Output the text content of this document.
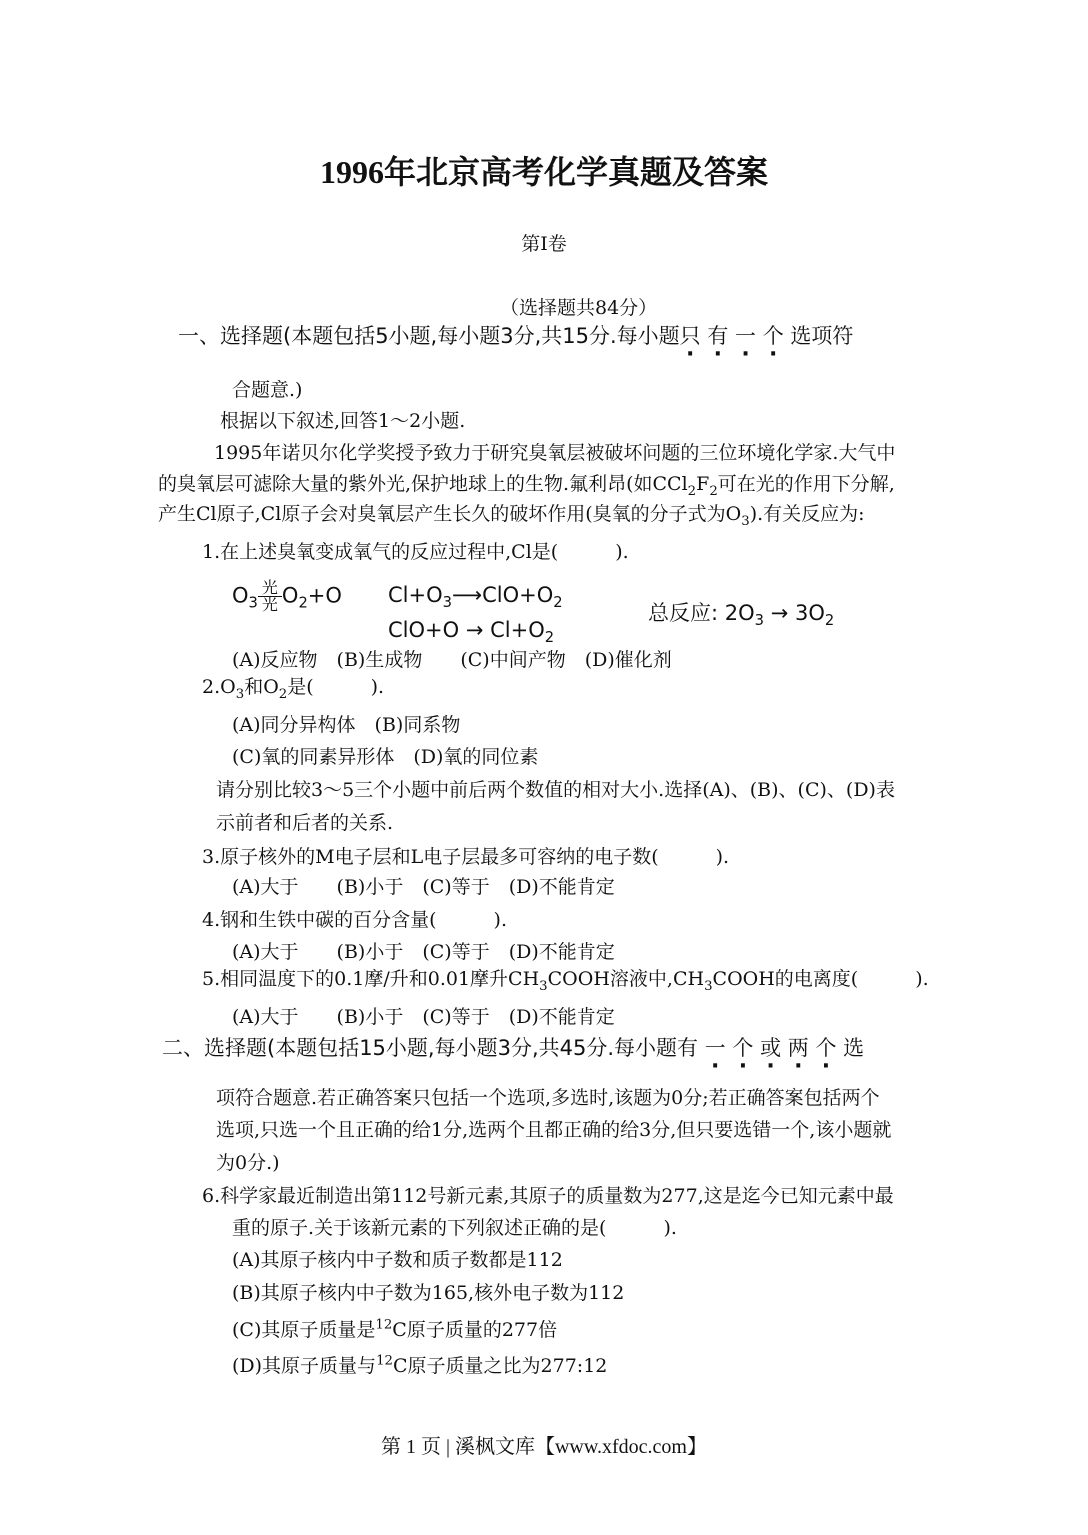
1996年北京高考化学真题及答案
第I卷
（选择题共84分）
一、选择题(本题包括5小题,每小题3分,共15分.每小题只 有 一 个 选项符
合题意.)
根据以下叙述,回答1～2小题.
1995年诺贝尔化学奖授予致力于研究臭氧层被破坏问题的三位环境化学家.大气中
的臭氧层可滤除大量的紫外光,保护地球上的生物.氟利昂(如$CCl_2F_2$可在光的作用下分解,
产生Cl原子,Cl原子会对臭氧层产生长久的破坏作用(臭氧的分子式为$O_3$).有关反应为:
1.在上述臭氧变成氧气的反应过程中,Cl是(　　　).
$O_3 \frac{\text{光}}{\text{光}} O_2+O$ $Cl+O_3⟶ClO+O_2$
$ClO+O \to Cl+O_2$
总反应: $2O_3 \to 3O_2$
(A)反应物　(B)生成物　　(C)中间产物　(D)催化剂
$2.O_3$和$O_2$是(　　　).
(A)同分异构体　(B)同系物
(C)氧的同素异形体　(D)氧的同位素
请分别比较3～5三个小题中前后两个数值的相对大小.选择(A)、(B)、(C)、(D)表
示前者和后者的关系.
3.原子核外的M电子层和L电子层最多可容纳的电子数(　　　).
(A)大于　　(B)小于　(C)等于　(D)不能肯定
4.钢和生铁中碳的百分含量(　　　).
(A)大于　　(B)小于　(C)等于　(D)不能肯定
5.相同温度下的0.1摩/升和0.01摩升$CH_3COOH$溶液中$,CH_3COOH$的电离度(　　　).
(A)大于　　(B)小于　(C)等于　(D)不能肯定
二、选择题(本题包括15小题,每小题3分,共45分.每小题有 一 个 或 两 个 选
项符合题意.若正确答案只包括一个选项,多选时,该题为0分;若正确答案包括两个
选项,只选一个且正确的给1分,选两个且都正确的给3分,但只要选错一个,该小题就
为0分.)
6.科学家最近制造出第112号新元素,其原子的质量数为277,这是迄今已知元素中最
重的原子.关于该新元素的下列叙述正确的是(　　　).
(A)其原子核内中子数和质子数都是112
(B)其原子核内中子数为165,核外电子数为112
(C)其原子质量是$^{12}$C原子质量的277倍
(D)其原子质量与$^{12}$C原子质量之比为277:12
第 1 页 | 溪枫文库【www.xfdoc.com】
